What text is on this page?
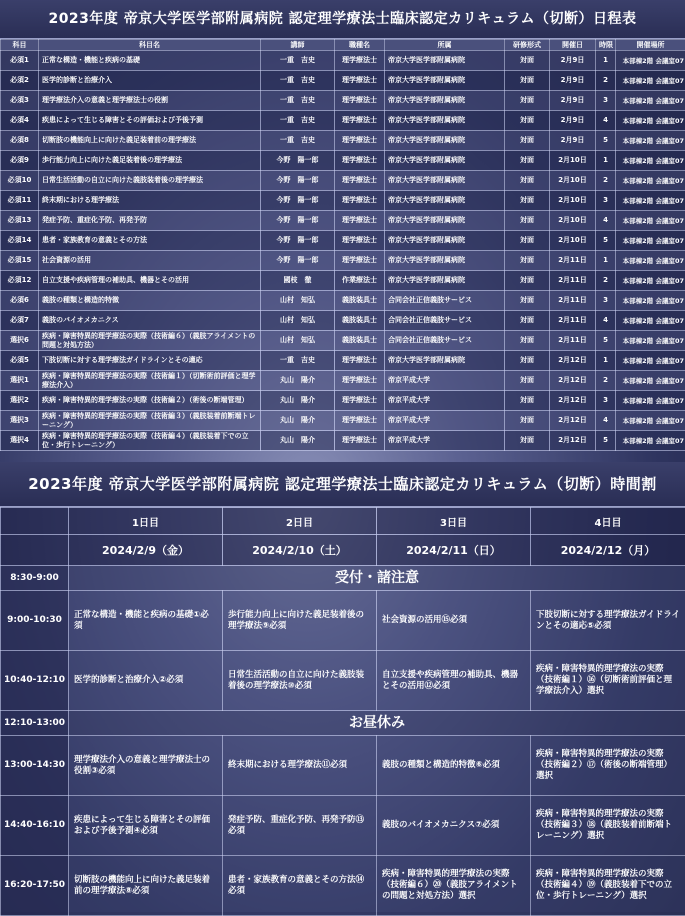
2023年度 帝京大学医学部附属病院 認定理学療法士臨床認定カリキュラム（切断）日程表
科目	科目名	講師	職種名	所属	研修形式	開催日	時限	開催場所
必須1	正常な構造・機能と疾病の基礎	一重　吉史	理学療法士	帝京大学医学部附属病院	対面	2月9日	1	本部棟2階 会議室07
必須2	医学的診断と治療介入	一重　吉史	理学療法士	帝京大学医学部附属病院	対面	2月9日	2	本部棟2階 会議室07
必須3	理学療法介入の意義と理学療法士の役割	一重　吉史	理学療法士	帝京大学医学部附属病院	対面	2月9日	3	本部棟2階 会議室07
必須4	疾患によって生じる障害とその評価および予後予測	一重　吉史	理学療法士	帝京大学医学部附属病院	対面	2月9日	4	本部棟2階 会議室07
必須8	切断肢の機能向上に向けた義足装着前の理学療法	一重　吉史	理学療法士	帝京大学医学部附属病院	対面	2月9日	5	本部棟2階 会議室07
必須9	歩行能力向上に向けた義足装着後の理学療法	今野　陽一郎	理学療法士	帝京大学医学部附属病院	対面	2月10日	1	本部棟2階 会議室07
必須10	日常生活活動の自立に向けた義肢装着後の理学療法	今野　陽一郎	理学療法士	帝京大学医学部附属病院	対面	2月10日	2	本部棟2階 会議室07
必須11	終末期における理学療法	今野　陽一郎	理学療法士	帝京大学医学部附属病院	対面	2月10日	3	本部棟2階 会議室07
必須13	発症予防、重症化予防、再発予防	今野　陽一郎	理学療法士	帝京大学医学部附属病院	対面	2月10日	4	本部棟2階 会議室07
必須14	患者・家族教育の意義とその方法	今野　陽一郎	理学療法士	帝京大学医学部附属病院	対面	2月10日	5	本部棟2階 会議室07
必須15	社会資源の活用	今野　陽一郎	理学療法士	帝京大学医学部附属病院	対面	2月11日	1	本部棟2階 会議室07
必須12	自立支援や疾病管理の補助具、機器とその活用	國枝　徹	作業療法士	帝京大学医学部附属病院	対面	2月11日	2	本部棟2階 会議室07
必須6	義肢の種類と構造的特徴	山村　知弘	義肢装具士	合同会社正信義肢サービス	対面	2月11日	3	本部棟2階 会議室07
必須7	義肢のバイオメカニクス	山村　知弘	義肢装具士	合同会社正信義肢サービス	対面	2月11日	4	本部棟2階 会議室07
選択6	疾病・障害特異的理学療法の実際（技術編６）（義肢アライメントの問題と対処方法）	山村　知弘	義肢装具士	合同会社正信義肢サービス	対面	2月11日	5	本部棟2階 会議室07
必須5	下肢切断に対する理学療法ガイドラインとその適応	一重　吉史	理学療法士	帝京大学医学部附属病院	対面	2月12日	1	本部棟2階 会議室07
選択1	疾病・障害特異的理学療法の実際（技術編１）（切断術前評価と理学療法介入）	丸山　陽介	理学療法士	帝京平成大学	対面	2月12日	2	本部棟2階 会議室07
選択2	疾病・障害特異的理学療法の実際（技術編２）（術後の断端管理）	丸山　陽介	理学療法士	帝京平成大学	対面	2月12日	3	本部棟2階 会議室07
選択3	疾病・障害特異的理学療法の実際（技術編３）（義肢装着前断端トレーニング）	丸山　陽介	理学療法士	帝京平成大学	対面	2月12日	4	本部棟2階 会議室07
選択4	疾病・障害特異的理学療法の実際（技術編４）（義肢装着下での立位・歩行トレーニング）	丸山　陽介	理学療法士	帝京平成大学	対面	2月12日	5	本部棟2階 会議室07
2023年度 帝京大学医学部附属病院 認定理学療法士臨床認定カリキュラム（切断）時間割
	1日目	2日目	3日目	4日目
	2024/2/9（金）	2024/2/10（土）	2024/2/11（日）	2024/2/12（月）
8:30-9:00	受付・諸注意			
9:00-10:30	正常な構造・機能と疾病の基礎①必須	歩行能力向上に向けた義足装着後の理学療法⑨必須	社会資源の活用⑮必須	下肢切断に対する理学療法ガイドラインとその適応⑤必須
10:40-12:10	医学的診断と治療介入②必須	日常生活活動の自立に向けた義肢装着後の理学療法⑩必須	自立支援や疾病管理の補助具、機器とその活用⑫必須	疾病・障害特異的理学療法の実際（技術編１）⑯（切断術前評価と理学療法介入）選択
12:10-13:00	お昼休み			
13:00-14:30	理学療法介入の意義と理学療法士の役割③必須	終末期における理学療法⑪必須	義肢の種類と構造的特徴⑥必須	疾病・障害特異的理学療法の実際（技術編２）⑰（術後の断端管理）選択
14:40-16:10	疾患によって生じる障害とその評価および予後予測④必須	発症予防、重症化予防、再発予防⑬必須	義肢のバイオメカニクス⑦必須	疾病・障害特異的理学療法の実際（技術編３）⑱（義肢装着前断端トレーニング）選択
16:20-17:50	切断肢の機能向上に向けた義足装着前の理学療法⑧必須	患者・家族教育の意義とその方法⑭必須	疾病・障害特異的理学療法の実際（技術編６）⑳（義肢アライメントの問題と対処方法）選択	疾病・障害特異的理学療法の実際（技術編４）⑲（義肢装着下での立位・歩行トレーニング）選択
